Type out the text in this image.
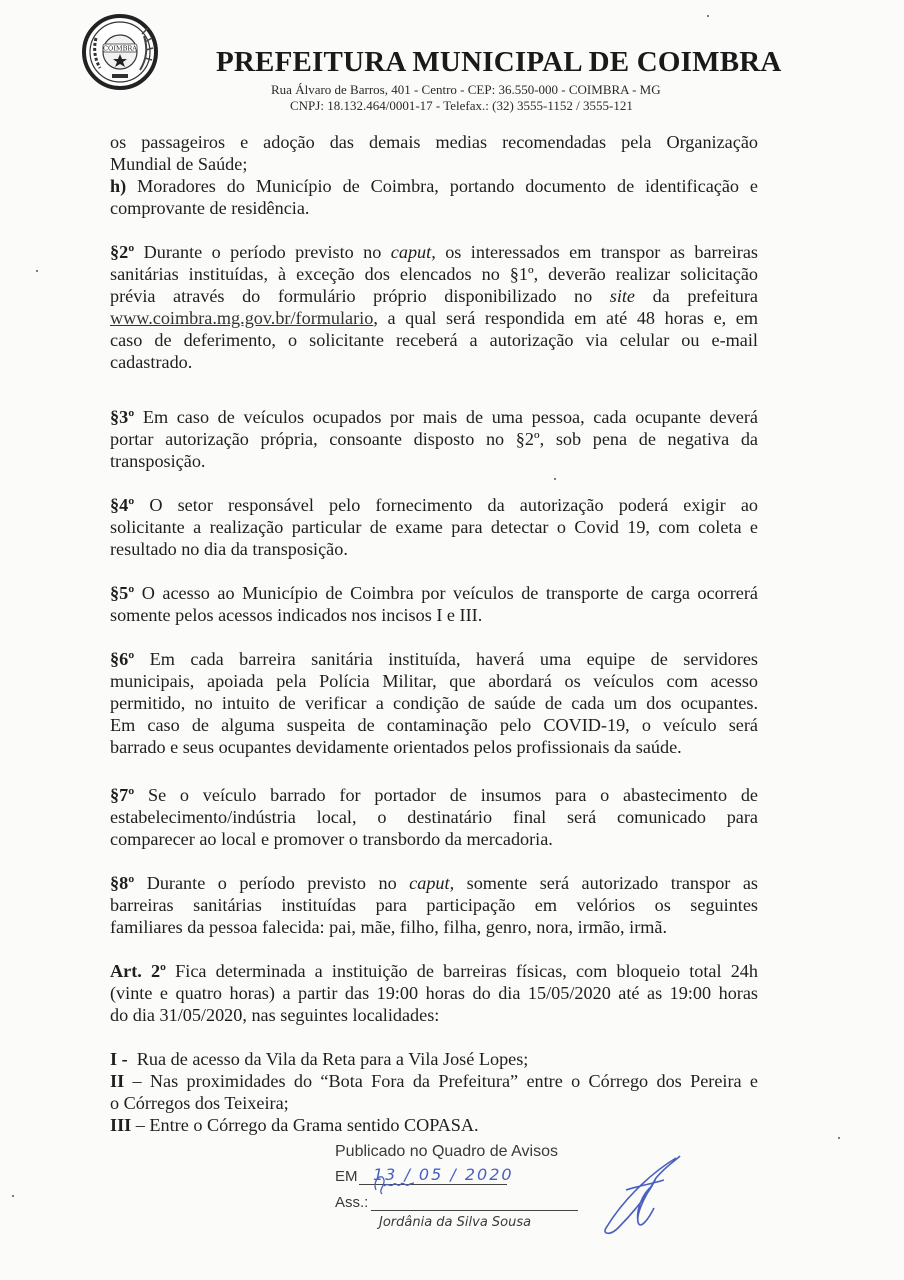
COIMBRA	PREFEITURA MUNICIPAL DE COIMBRA
Rua Álvaro de Barros, 401 - Centro - CEP: 36.550-000 - COIMBRA - MG
CNPJ: 18.132.464/0001-17 - Telefax.: (32) 3555-1152 / 3555-121
os passageiros e adoção das demais medias recomendadas pela Organização
Mundial de Saúde;
h) Moradores do Município de Coimbra, portando documento de identificação e
comprovante de residência.
§2º Durante o período previsto no caput, os interessados em transpor as barreiras
sanitárias instituídas, à exceção dos elencados no §1º, deverão realizar solicitação
prévia através do formulário próprio disponibilizado no site da prefeitura
www.coimbra.mg.gov.br/formulario, a qual será respondida em até 48 horas e, em
caso de deferimento, o solicitante receberá a autorização via celular ou e-mail
cadastrado.
§3º Em caso de veículos ocupados por mais de uma pessoa, cada ocupante deverá
portar autorização própria, consoante disposto no §2º, sob pena de negativa da
transposição.
§4º O setor responsável pelo fornecimento da autorização poderá exigir ao
solicitante a realização particular de exame para detectar o Covid 19, com coleta e
resultado no dia da transposição.
§5º O acesso ao Município de Coimbra por veículos de transporte de carga ocorrerá
somente pelos acessos indicados nos incisos I e III.
§6º Em cada barreira sanitária instituída, haverá uma equipe de servidores
municipais, apoiada pela Polícia Militar, que abordará os veículos com acesso
permitido, no intuito de verificar a condição de saúde de cada um dos ocupantes.
Em caso de alguma suspeita de contaminação pelo COVID-19, o veículo será
barrado e seus ocupantes devidamente orientados pelos profissionais da saúde.
§7º Se o veículo barrado for portador de insumos para o abastecimento de
estabelecimento/indústria local, o destinatário final será comunicado para
comparecer ao local e promover o transbordo da mercadoria.
§8º Durante o período previsto no caput, somente será autorizado transpor as
barreiras sanitárias instituídas para participação em velórios os seguintes
familiares da pessoa falecida: pai, mãe, filho, filha, genro, nora, irmão, irmã.
Art. 2º Fica determinada a instituição de barreiras físicas, com bloqueio total 24h
(vinte e quatro horas) a partir das 19:00 horas do dia 15/05/2020 até as 19:00 horas
do dia 31/05/2020, nas seguintes localidades:
I -  Rua de acesso da Vila da Reta para a Vila José Lopes;
II – Nas proximidades do “Bota Fora da Prefeitura” entre o Córrego dos Pereira e
o Córregos dos Teixeira;
III – Entre o Córrego da Grama sentido COPASA.
Publicado no Quadro de Avisos
EM 13 / 05 / 2020
Ass.:
Jordânia da Silva Sousa
